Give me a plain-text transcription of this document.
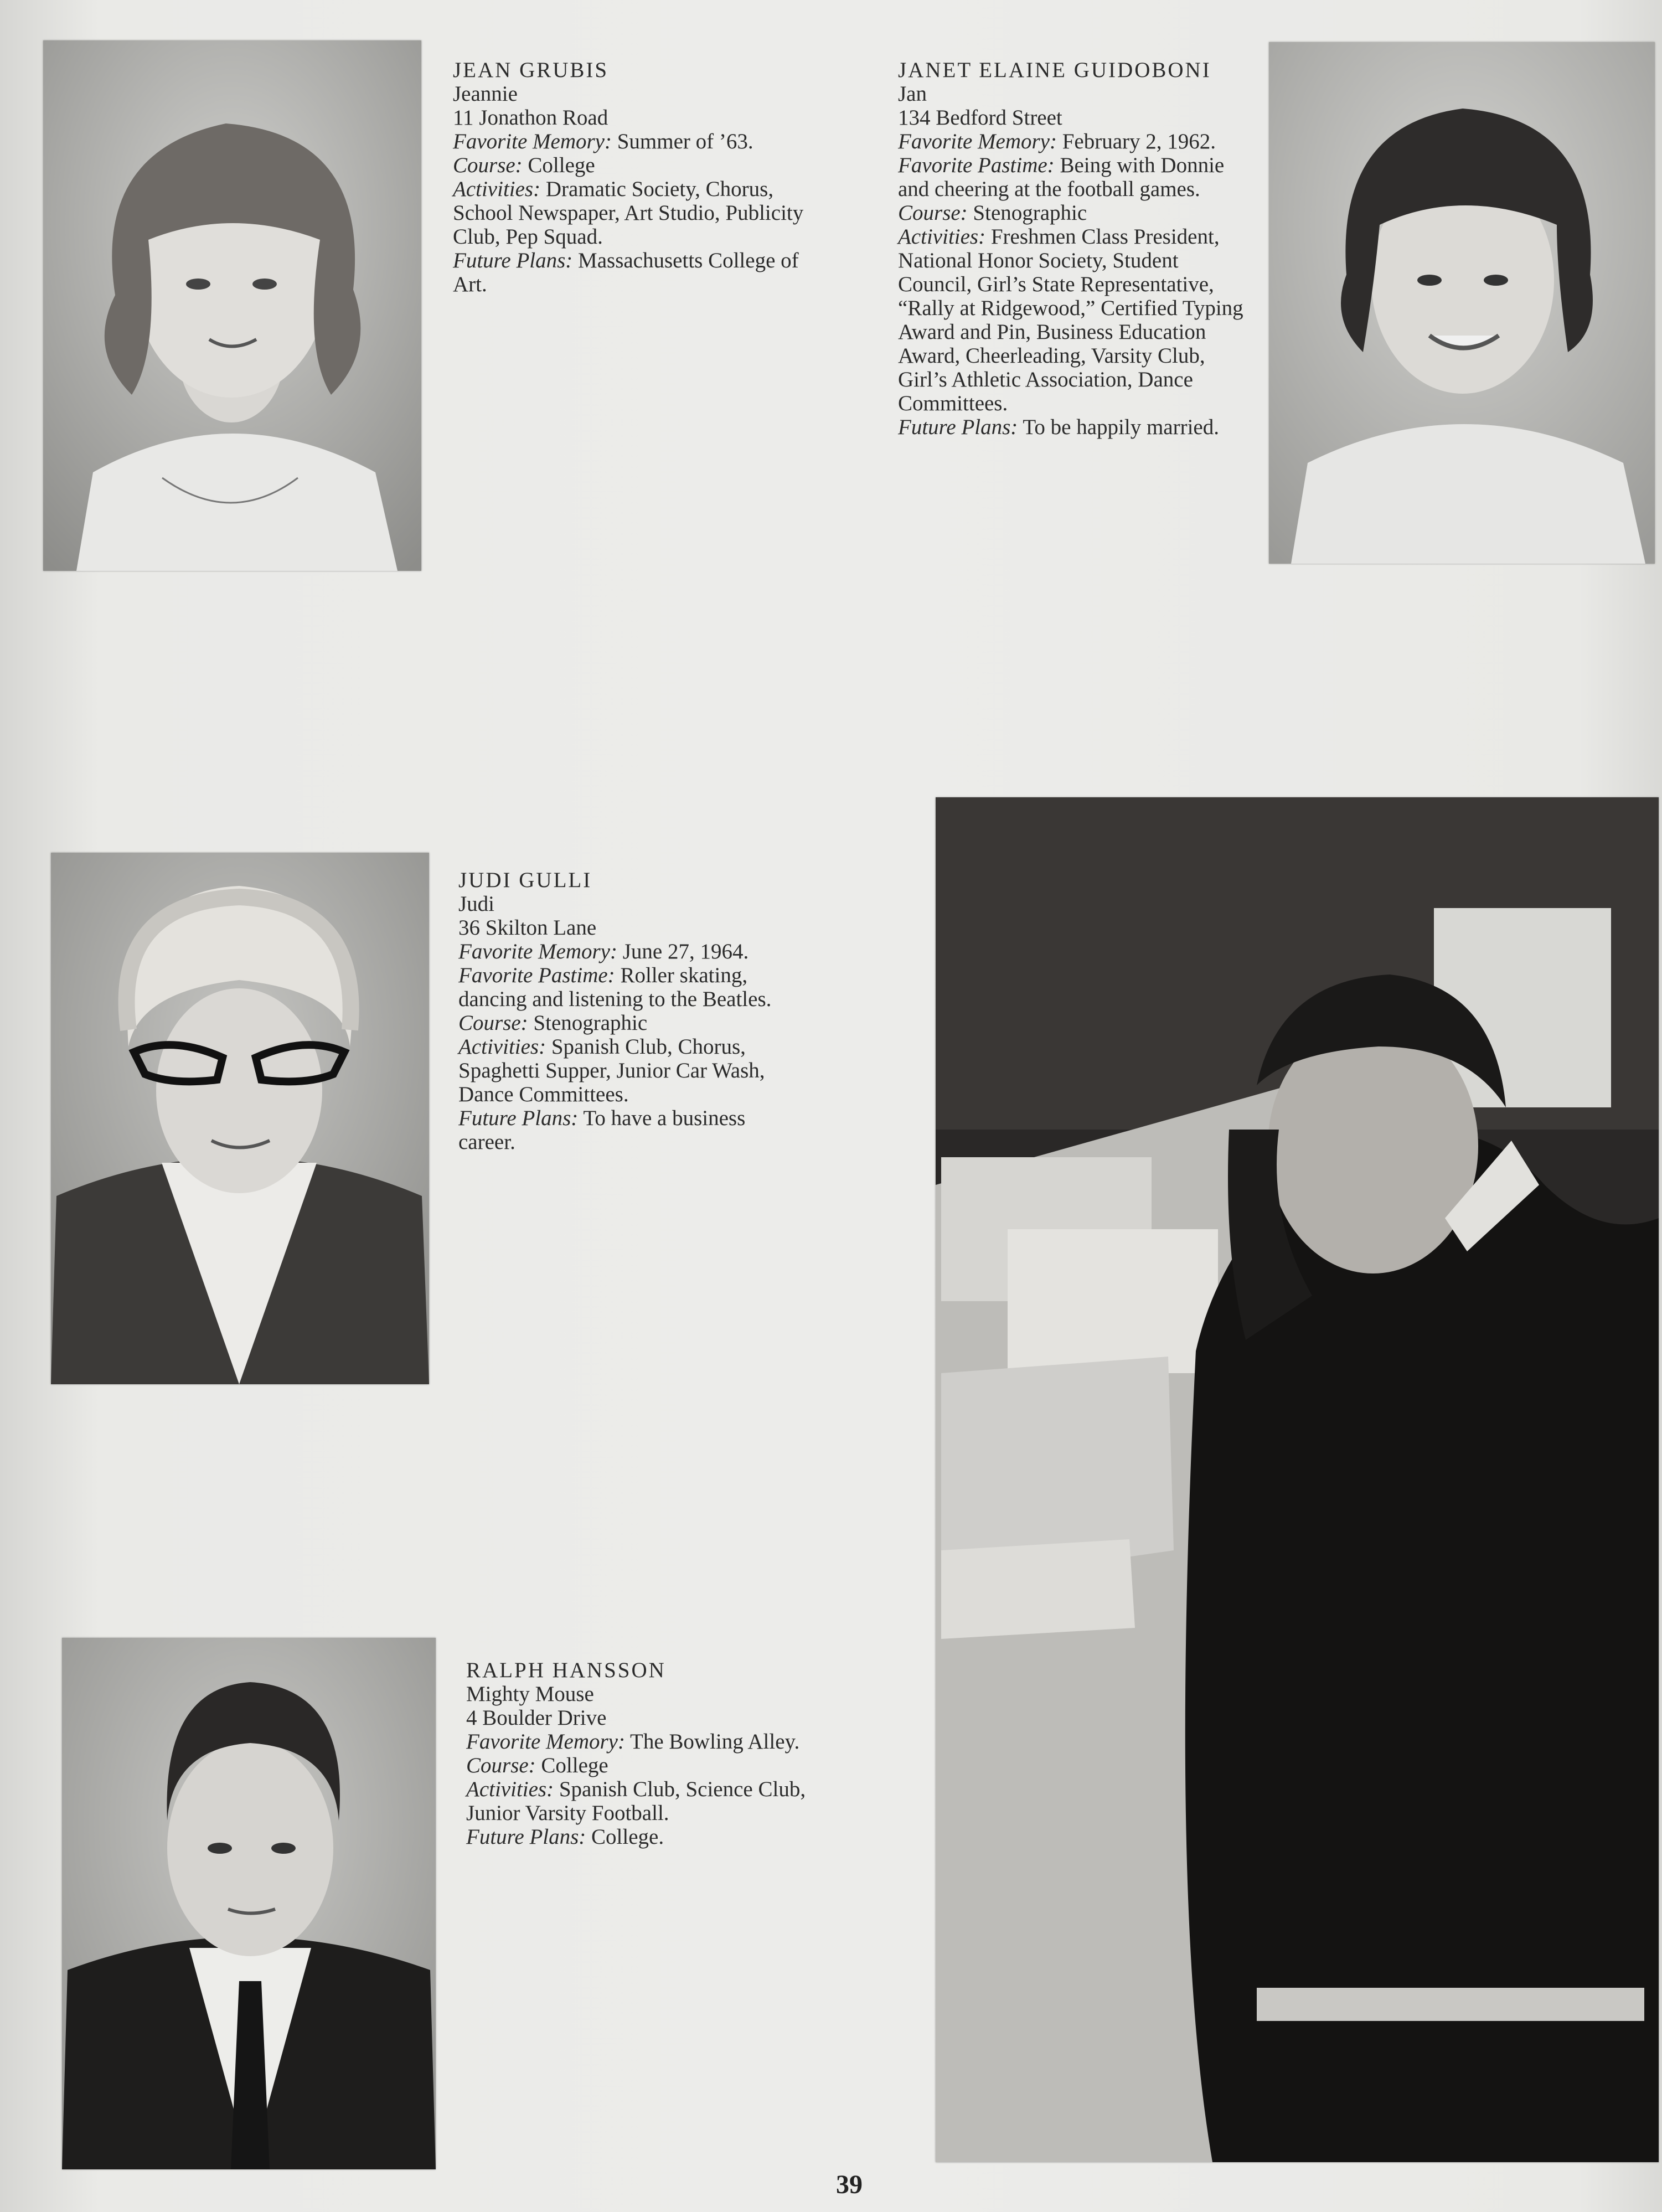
JEAN GRUBIS
Jeannie
11 Jonathon Road

Favorite Memory: Summer of ’63.

Course: College

Activities: Dramatic Society, Chorus, School Newspaper, Art Studio, Publicity Club, Pep Squad.

Future Plans: Massachusetts College of Art.

JANET ELAINE GUIDOBONI
Jan
134 Bedford Street

Favorite Memory: February 2, 1962.

Favorite Pastime: Being with Donnie and cheering at the football games.

Course: Stenographic

Activities: Freshmen Class President, National Honor Society, Student Council, Girl’s State Representative, “Rally at Ridgewood,” Certified Typing Award and Pin, Business Education Award, Cheerleading, Varsity Club, Girl’s Athletic Association, Dance Committees.

Future Plans: To be happily married.

JUDI GULLI
Judi
36 Skilton Lane

Favorite Memory: June 27, 1964.

Favorite Pastime: Roller skating, dancing and listening to the Beatles.

Course: Stenographic

Activities: Spanish Club, Chorus, Spaghetti Supper, Junior Car Wash, Dance Committees.

Future Plans: To have a business career.

RALPH HANSSON
Mighty Mouse
4 Boulder Drive

Favorite Memory: The Bowling Alley.

Course: College

Activities: Spanish Club, Science Club, Junior Varsity Football.

Future Plans: College.

39
